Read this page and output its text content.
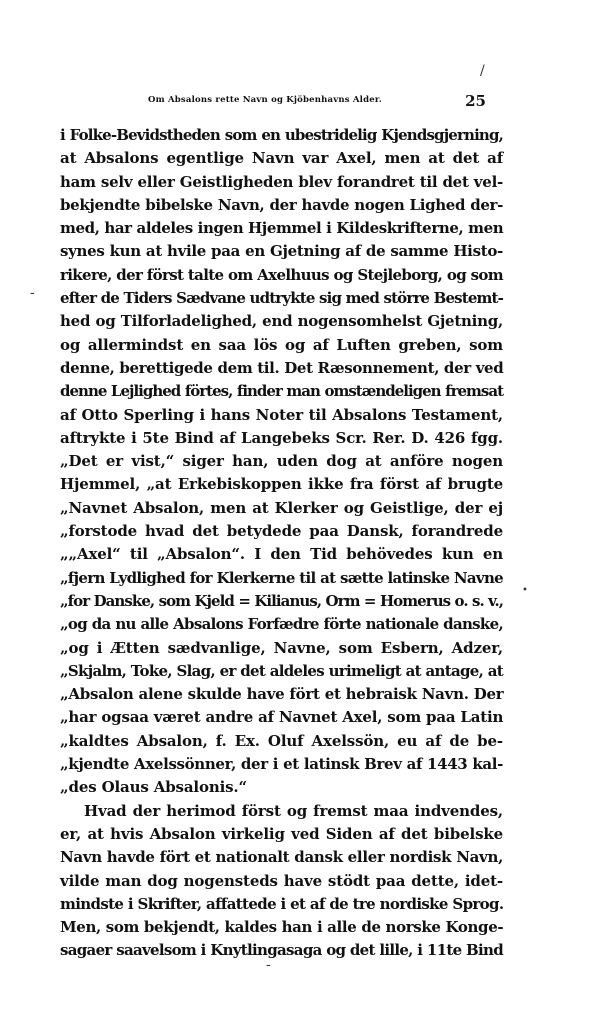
/
Om Absalons rette Navn og Kjöbenhavns Alder.	25
-
•
-
i Folke-Bevidstheden som en ubestridelig Kjendsgjerning,
at Absalons egentlige Navn var Axel, men at det af
ham selv eller Geistligheden blev forandret til det vel-
bekjendte bibelske Navn, der havde nogen Lighed der-
med, har aldeles ingen Hjemmel i Kildeskrifterne, men
synes kun at hvile paa en Gjetning af de samme Histo-
rikere, der först talte om Axelhuus og Stejleborg, og som
efter de Tiders Sædvane udtrykte sig med större Bestemt-
hed og Tilforladelighed, end nogensomhelst Gjetning,
og allermindst en saa lös og af Luften greben, som
denne, berettigede dem til. Det Ræsonnement, der ved
denne Lejlighed förtes, finder man omstændeligen fremsat
af Otto Sperling i hans Noter til Absalons Testament,
aftrykte i 5te Bind af Langebeks Scr. Rer. D. 426 fgg.
„Det er vist,“ siger han, uden dog at anföre nogen
Hjemmel, „at Erkebiskoppen ikke fra först af brugte
„Navnet Absalon, men at Klerker og Geistlige, der ej
„forstode hvad det betydede paa Dansk, forandrede
„„Axel“ til „Absalon“. I den Tid behövedes kun en
„fjern Lydlighed for Klerkerne til at sætte latinske Navne
„for Danske, som Kjeld = Kilianus, Orm = Homerus o. s. v.,
„og da nu alle Absalons Forfædre förte nationale danske,
„og i Ætten sædvanlige, Navne, som Esbern, Adzer,
„Skjalm, Toke, Slag, er det aldeles urimeligt at antage, at
„Absalon alene skulde have fört et hebraisk Navn. Der
„har ogsaa været andre af Navnet Axel, som paa Latin
„kaldtes Absalon, f. Ex. Oluf Axelssön, eu af de be-
„kjendte Axelssönner, der i et latinsk Brev af 1443 kal-
„des Olaus Absalonis.“
Hvad der herimod först og fremst maa indvendes,
er, at hvis Absalon virkelig ved Siden af det bibelske
Navn havde fört et nationalt dansk eller nordisk Navn,
vilde man dog nogensteds have stödt paa dette, idet-
mindste i Skrifter, affattede i et af de tre nordiske Sprog.
Men, som bekjendt, kaldes han i alle de norske Konge-
sagaer saavelsom i Knytlingasaga og det lille, i 11te Bind
